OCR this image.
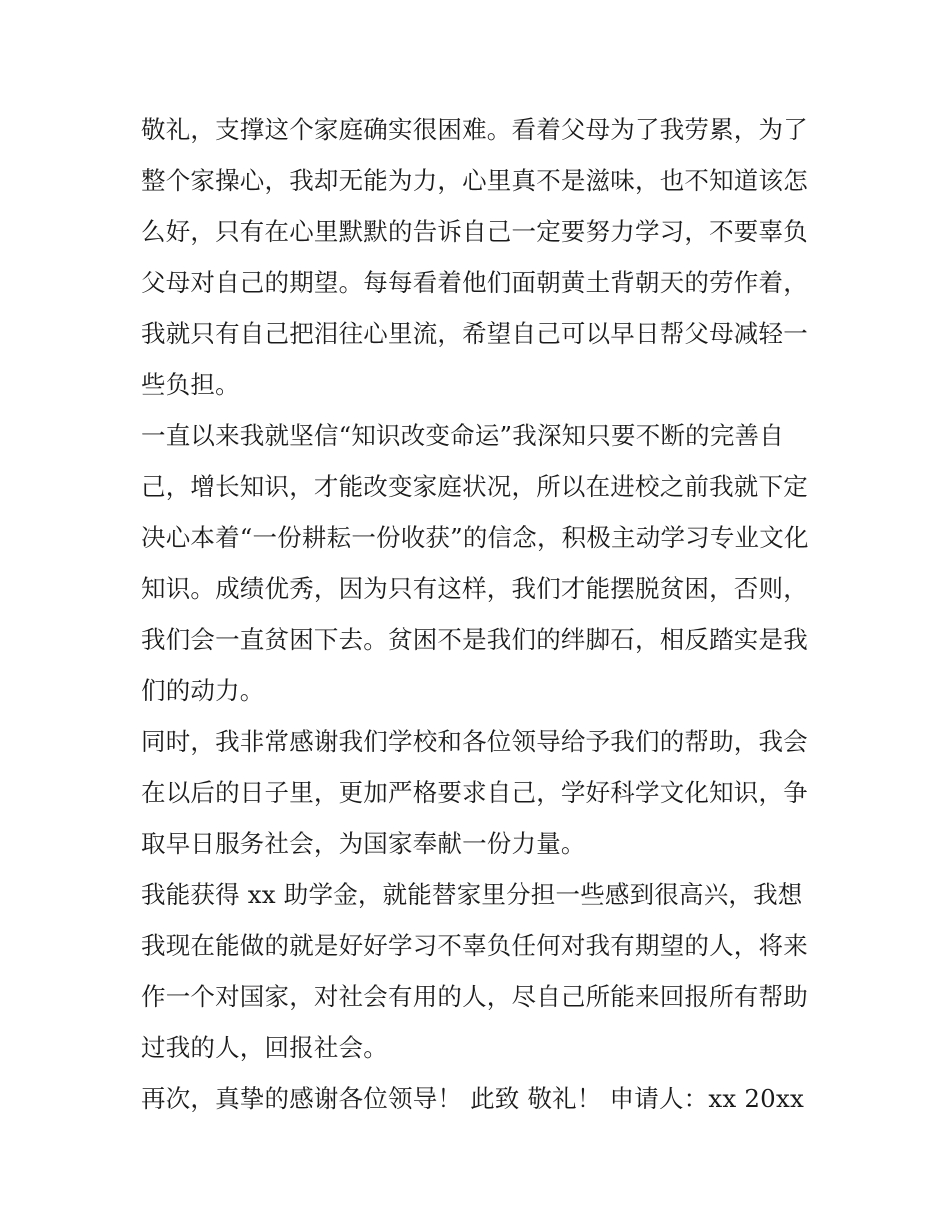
敬礼，支撑这个家庭确实很困难。看着父母为了我劳累，为了
整个家操心，我却无能为力，心里真不是滋味，也不知道该怎
么好，只有在心里默默的告诉自己一定要努力学习，不要辜负
父母对自己的期望。每每看着他们面朝黄土背朝天的劳作着，
我就只有自己把泪往心里流，希望自己可以早日帮父母减轻一
些负担。
一直以来我就坚信“知识改变命运”我深知只要不断的完善自
己，增长知识，才能改变家庭状况，所以在进校之前我就下定
决心本着“一份耕耘一份收获”的信念，积极主动学习专业文化
知识。成绩优秀，因为只有这样，我们才能摆脱贫困，否则，
我们会一直贫困下去。贫困不是我们的绊脚石，相反踏实是我
们的动力。
同时，我非常感谢我们学校和各位领导给予我们的帮助，我会
在以后的日子里，更加严格要求自己，学好科学文化知识，争
取早日服务社会，为国家奉献一份力量。
我能获得 xx 助学金，就能替家里分担一些感到很高兴，我想
我现在能做的就是好好学习不辜负任何对我有期望的人，将来
作一个对国家，对社会有用的人，尽自己所能来回报所有帮助
过我的人，回报社会。
再次，真挚的感谢各位领导！ 此致 敬礼！ 申请人：xx 20xx
